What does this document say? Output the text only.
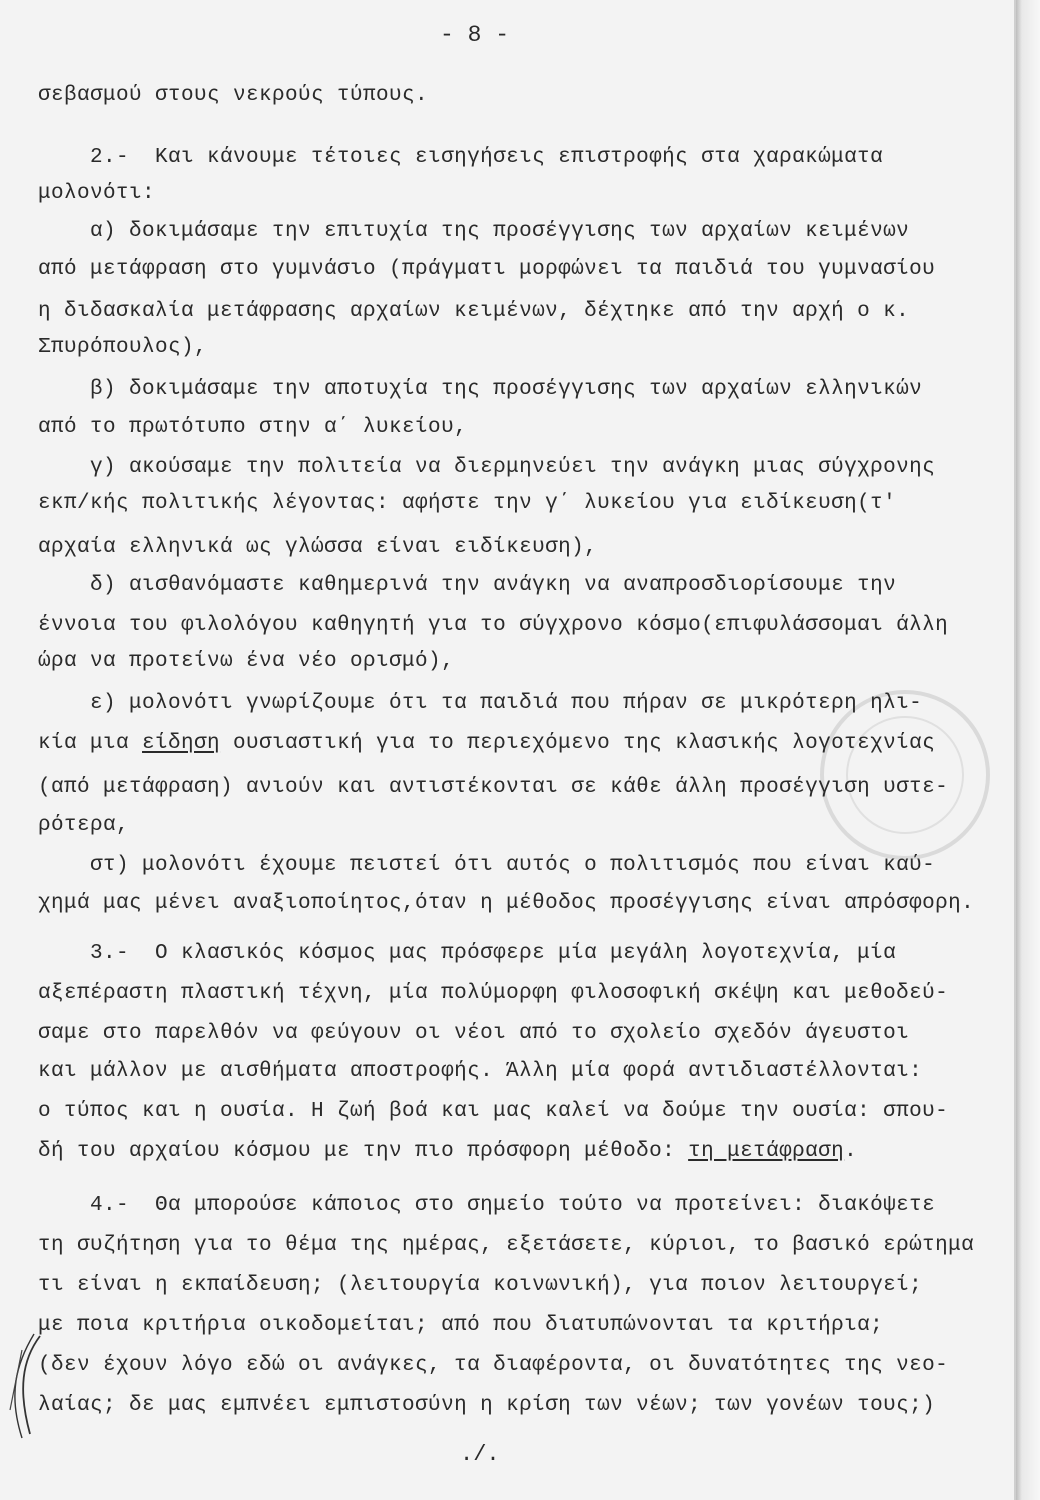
- 8 -
σεβασμού στους νεκρούς τύπους.
2.-  Και κάνουμε τέτοιες εισηγήσεις επιστροφής στα χαρακώματα
μολονότι:
α) δοκιμάσαμε την επιτυχία της προσέγγισης των αρχαίων κειμένων
από μετάφραση στο γυμνάσιο (πράγματι μορφώνει τα παιδιά του γυμνασίου
η διδασκαλία μετάφρασης αρχαίων κειμένων, δέχτηκε από την αρχή ο κ.
Σπυρόπουλος),
β) δοκιμάσαμε την αποτυχία της προσέγγισης των αρχαίων ελληνικών
από το πρωτότυπο στην α΄ λυκείου,
γ) ακούσαμε την πολιτεία να διερμηνεύει την ανάγκη μιας σύγχρονης
εκπ/κής πολιτικής λέγοντας: αφήστε την γ΄ λυκείου για ειδίκευση(τ'
αρχαία ελληνικά ως γλώσσα είναι ειδίκευση),
δ) αισθανόμαστε καθημερινά την ανάγκη να αναπροσδιορίσουμε την
έννοια του φιλολόγου καθηγητή για το σύγχρονο κόσμο(επιφυλάσσομαι άλλη
ώρα να προτείνω ένα νέο ορισμό),
ε) μολονότι γνωρίζουμε ότι τα παιδιά που πήραν σε μικρότερη ηλι-
κία μια είδηση ουσιαστική για το περιεχόμενο της κλασικής λογοτεχνίας
(από μετάφραση) ανιούν και αντιστέκονται σε κάθε άλλη προσέγγιση υστε-
ρότερα,
στ) μολονότι έχουμε πειστεί ότι αυτός ο πολιτισμός που είναι καύ-
χημά μας μένει αναξιοποίητος,όταν η μέθοδος προσέγγισης είναι απρόσφορη.
3.-  Ο κλασικός κόσμος μας πρόσφερε μία μεγάλη λογοτεχνία, μία
αξεπέραστη πλαστική τέχνη, μία πολύμορφη φιλοσοφική σκέψη και μεθοδεύ-
σαμε στο παρελθόν να φεύγουν οι νέοι από το σχολείο σχεδόν άγευστοι
και μάλλον με αισθήματα αποστροφής. Άλλη μία φορά αντιδιαστέλλονται:
ο τύπος και η ουσία. Η ζωή βοά και μας καλεί να δούμε την ουσία: σπου-
δή του αρχαίου κόσμου με την πιο πρόσφορη μέθοδο: τη μετάφραση.
4.-  Θα μπορούσε κάποιος στο σημείο τούτο να προτείνει: διακόψετε
τη συζήτηση για το θέμα της ημέρας, εξετάσετε, κύριοι, το βασικό ερώτημα
τι είναι η εκπαίδευση; (λειτουργία κοινωνική), για ποιον λειτουργεί;
με ποια κριτήρια οικοδομείται; από που διατυπώνονται τα κριτήρια;
(δεν έχουν λόγο εδώ οι ανάγκες, τα διαφέροντα, οι δυνατότητες της νεο-
λαίας; δε μας εμπνέει εμπιστοσύνη η κρίση των νέων; των γονέων τους;)
./.
